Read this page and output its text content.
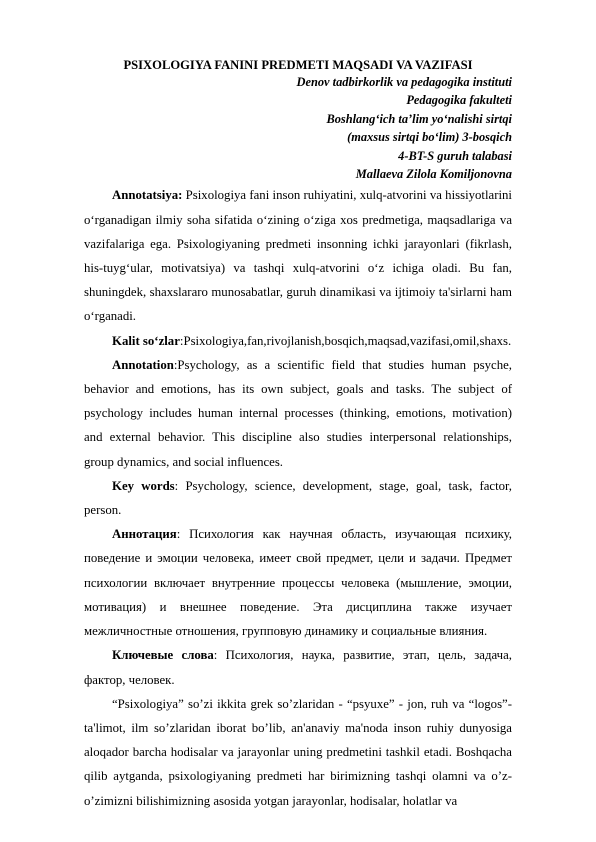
PSIXOLOGIYA FANINI PREDMETI MAQSADI VA VAZIFASI

Denov tadbirkorlik va pedagogika instituti

Pedagogika fakulteti

Boshlang‘ich ta’lim yo‘nalishi sirtqi

(maxsus sirtqi bo‘lim) 3-bosqich

4-BT-S guruh talabasi

Mallaeva Zilola Komiljonovna

Annotatsiya: Psixologiya fani inson ruhiyatini, xulq-atvorini va hissiyotlarini o‘rganadigan ilmiy soha sifatida o‘zining o‘ziga xos predmetiga, maqsadlariga va vazifalariga ega. Psixologiyaning predmeti insonning ichki jarayonlari (fikrlash, his-tuyg‘ular, motivatsiya) va tashqi xulq-atvorini o‘z ichiga oladi. Bu fan, shuningdek, shaxslararo munosabatlar, guruh dinamikasi va ijtimoiy ta'sirlarni ham o‘rganadi.

Kalit so‘zlar:Psixologiya,fan,rivojlanish,bosqich,maqsad,vazifasi,omil,shaxs.

Annotation:Psychology, as a scientific field that studies human psyche, behavior and emotions, has its own subject, goals and tasks. The subject of psychology includes human internal processes (thinking, emotions, motivation) and external behavior. This discipline also studies interpersonal relationships, group dynamics, and social influences.

Key words: Psychology, science, development, stage, goal, task, factor, person.

Аннотация: Психология как научная область, изучающая психику, поведение и эмоции человека, имеет свой предмет, цели и задачи. Предмет психологии включает внутренние процессы человека (мышление, эмоции, мотивация) и внешнее поведение. Эта дисциплина также изучает межличностные отношения, групповую динамику и социальные влияния.

Ключевые слова: Психология, наука, развитие, этап, цель, задача, фактор, человек.

“Psixologiya” so’zi ikkita grek so’zlaridan - “psyuxe” - jon, ruh va “logos”- ta'limot, ilm so’zlaridan iborat bo’lib, an'anaviy ma'noda inson ruhiy dunyosiga aloqador barcha hodisalar va jarayonlar uning predmetini tashkil etadi. Boshqacha qilib aytganda, psixologiyaning predmeti har birimizning tashqi olamni va o’z-o’zimizni bilishimizning asosida yotgan jarayonlar, hodisalar, holatlar va
